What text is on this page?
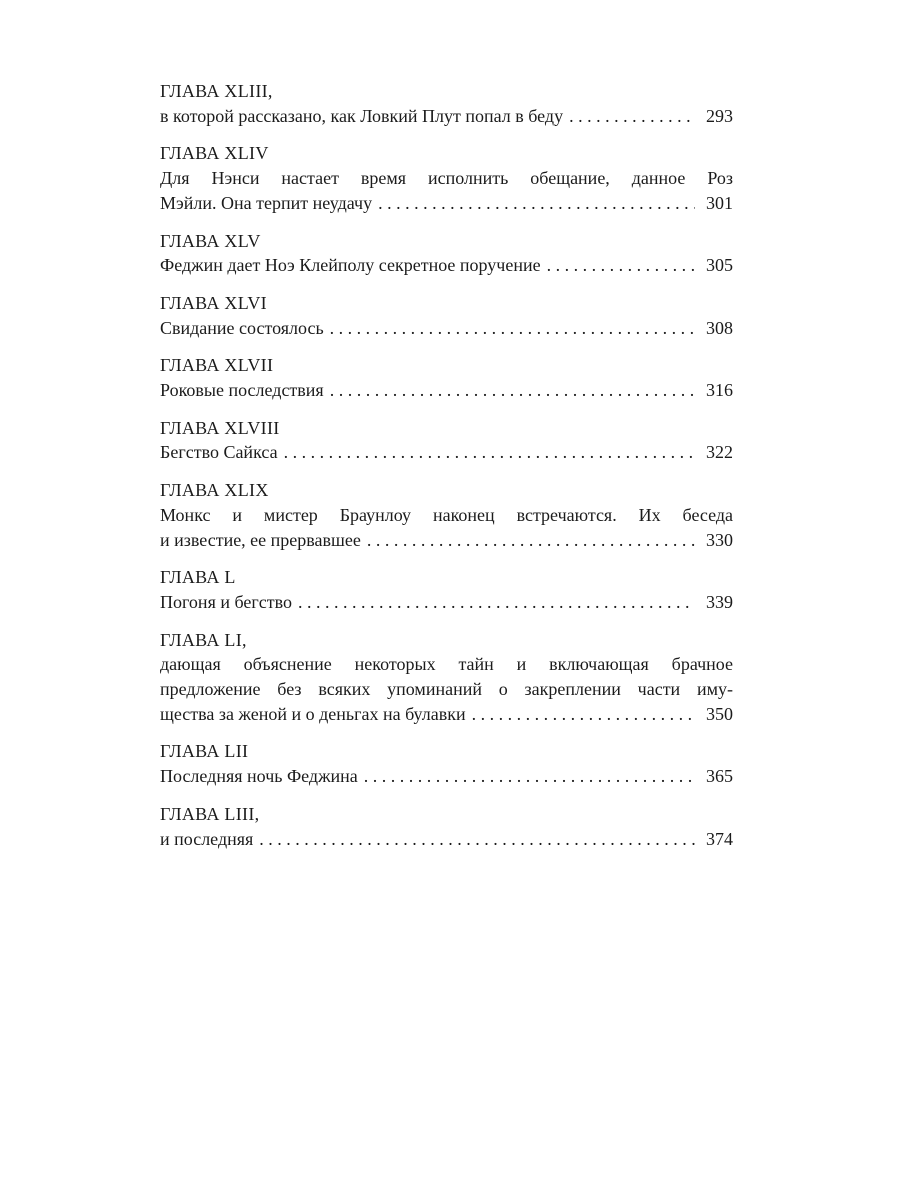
ГЛАВА XLIII,
в которой рассказано, как Ловкий Плут попал в беду . . .	293
ГЛАВА XLIV
Для Нэнси настает время исполнить обещание, данное Роз
Мэйли. Она терпит неудачу . . .	301
ГЛАВА XLV
Феджин дает Ноэ Клейполу секретное поручение . . .	305
ГЛАВА XLVI
Свидание состоялось . . .	308
ГЛАВА XLVII
Роковые последствия . . .	316
ГЛАВА XLVIII
Бегство Сайкса . . .	322
ГЛАВА XLIX
Монкс и мистер Браунлоу наконец встречаются. Их беседа
и известие, ее прервавшее . . .	330
ГЛАВА L
Погоня и бегство . . .	339
ГЛАВА LI,
дающая объяснение некоторых тайн и включающая брачное
предложение без всяких упоминаний о закреплении части иму-
щества за женой и о деньгах на булавки . . .	350
ГЛАВА LII
Последняя ночь Феджина . . .	365
ГЛАВА LIII,
и последняя . . .	374
